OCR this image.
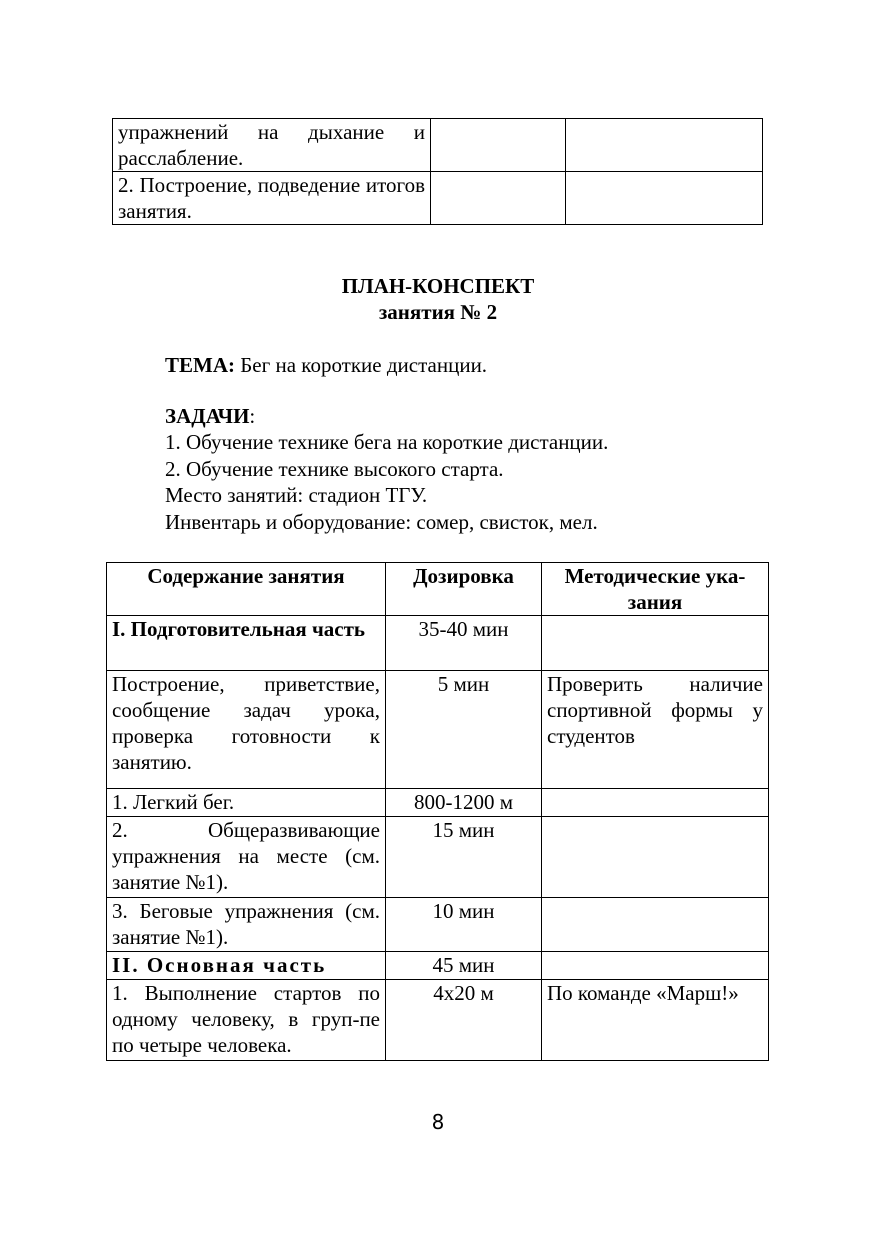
упражнений на дыхание и расслабление.		
2. Построение, подведение итогов занятия.		
ПЛАН-КОНСПЕКТ
занятия № 2
ТЕМА: Бег на короткие дистанции.
ЗАДАЧИ:
1. Обучение технике бега на короткие дистанции.
2. Обучение технике высокого старта.
Место занятий: стадион ТГУ.
Инвентарь и оборудование: сомер, свисток, мел.
Содержание занятия	Дозировка	Методические ука-зания
I. Подготовительная часть	35-40 мин	
Построение, приветствие, сообщение задач урока, проверка готовности к занятию.	5 мин	Проверить наличие спортивной формы у студентов
1. Легкий бег.	800-1200 м	
2. Общеразвивающие упражнения на месте (см. занятие №1).	15 мин	
3. Беговые упражнения (см. занятие №1).	10 мин	
II. Основная часть	45 мин	
1. Выполнение стартов по одному человеку, в груп-пе по четыре человека.	4х20 м	По команде «Марш!»
8
